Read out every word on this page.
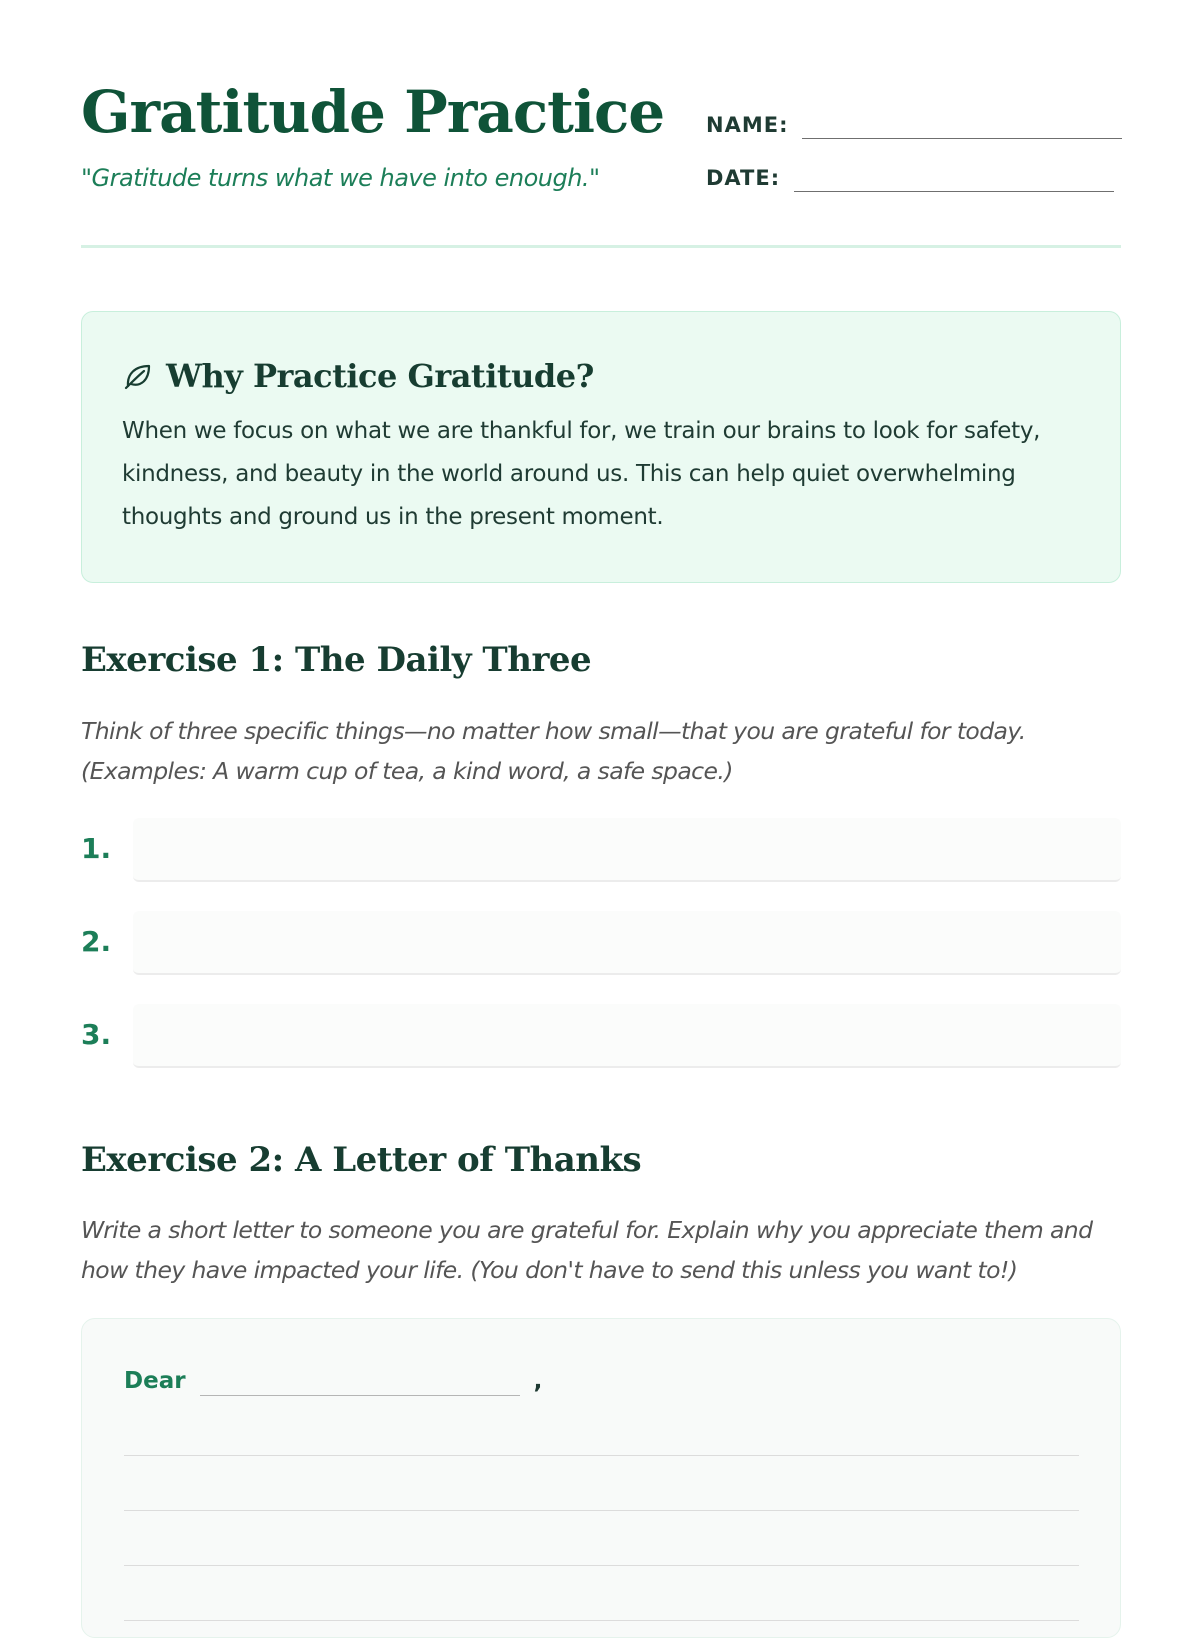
Gratitude Practice

"Gratitude turns what we have into enough."

NAME:
DATE:
Why Practice Gratitude?

When we focus on what we are thankful for, we train our brains to look for safety, kindness, and beauty in the world around us. This can help quiet overwhelming thoughts and ground us in the present moment.

Exercise 1: The Daily Three

Think of three specific things—no matter how small—that you are grateful for today. (Examples: A warm cup of tea, a kind word, a safe space.)

1.
2.
3.
Exercise 2: A Letter of Thanks

Write a short letter to someone you are grateful for. Explain why you appreciate them and how they have impacted your life. (You don't have to send this unless you want to!)

Dear	,
